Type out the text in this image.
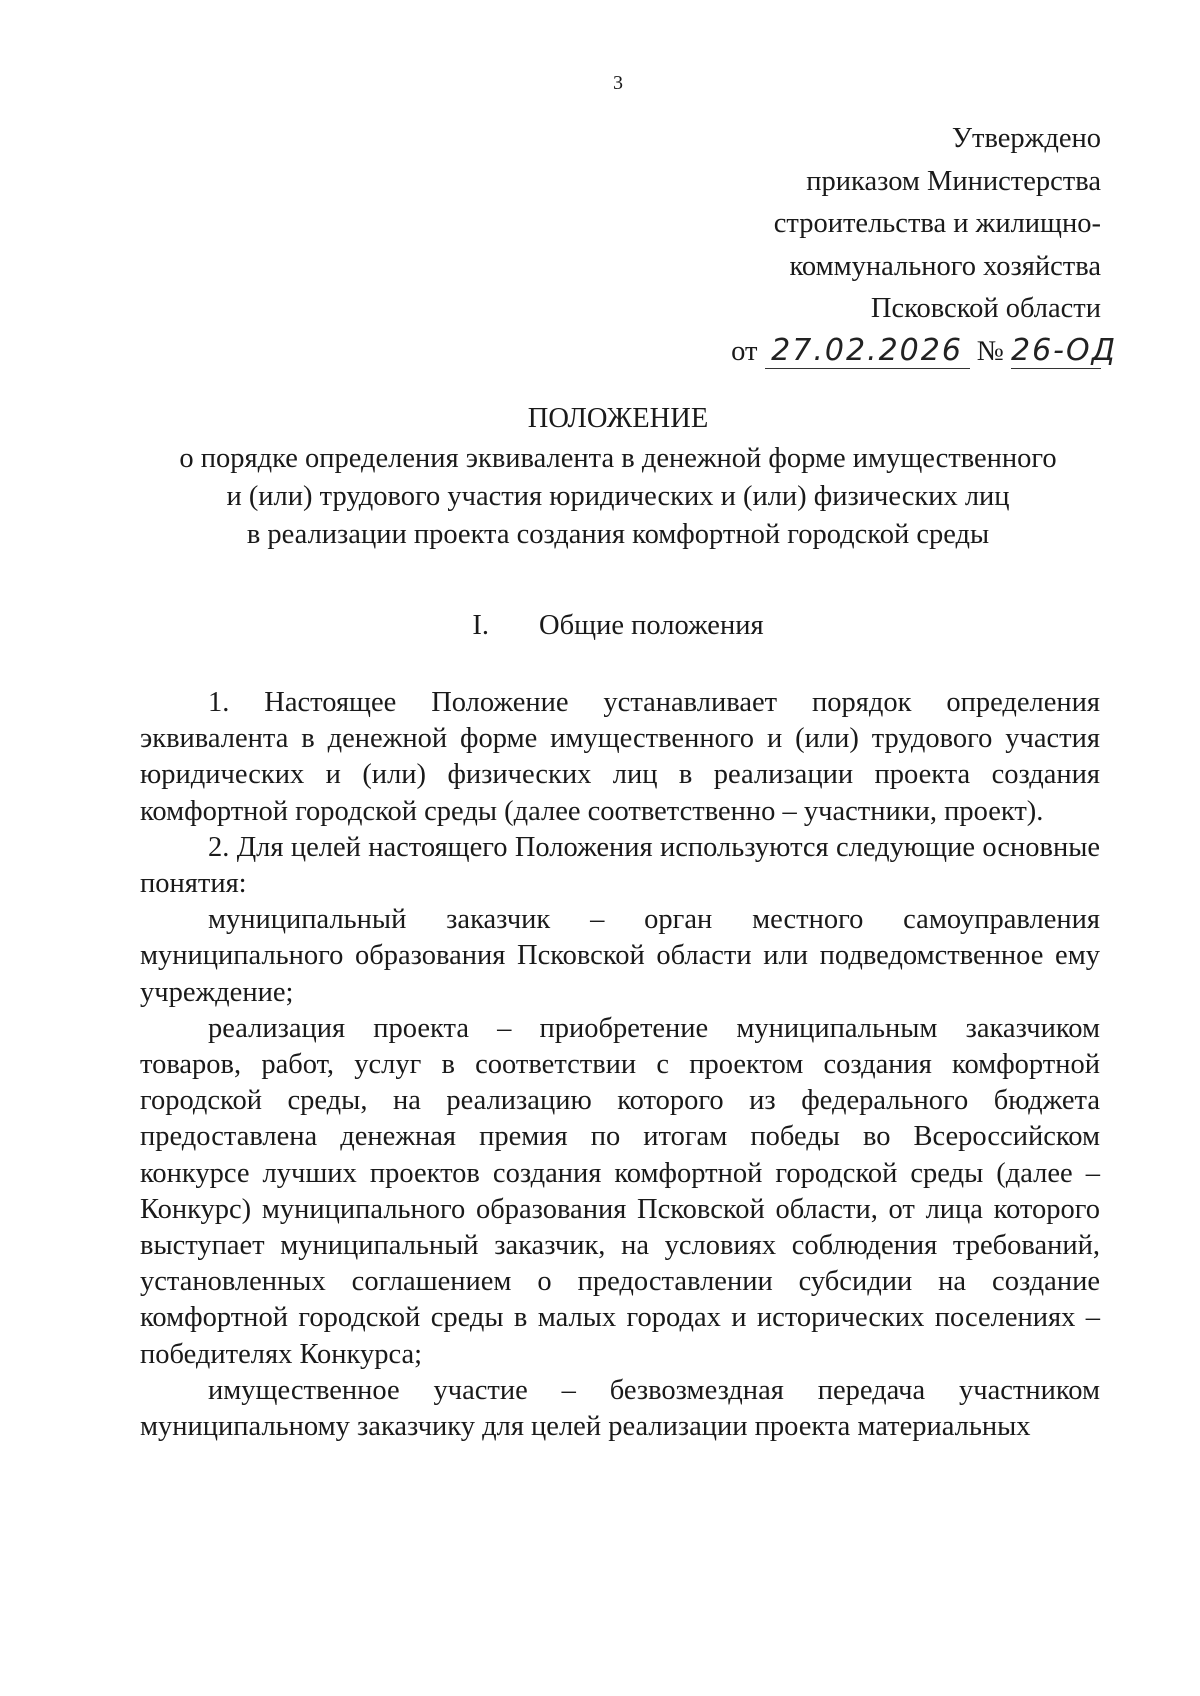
3
Утверждено
приказом Министерства
строительства и жилищно-
коммунального хозяйства
Псковской области
от 27.02.2026 № 26-ОД
ПОЛОЖЕНИЕ
о порядке определения эквивалента в денежной форме имущественного
и (или) трудового участия юридических и (или) физических лиц
в реализации проекта создания комфортной городской среды
I. Общие положения

1. Настоящее Положение устанавливает порядок определения эквивалента в денежной форме имущественного и (или) трудового участия юридических и (или) физических лиц в реализации проекта создания комфортной городской среды (далее соответственно – участники, проект).

2. Для целей настоящего Положения используются следующие основные понятия:

муниципальный заказчик – орган местного самоуправления муниципального образования Псковской области или подведомственное ему учреждение;

реализация проекта – приобретение муниципальным заказчиком товаров, работ, услуг в соответствии с проектом создания комфортной городской среды, на реализацию которого из федерального бюджета предоставлена денежная премия по итогам победы во Всероссийском конкурсе лучших проектов создания комфортной городской среды (далее – Конкурс) муниципального образования Псковской области, от лица которого выступает муниципальный заказчик, на условиях соблюдения требований, установленных соглашением о предоставлении субсидии на создание комфортной городской среды в малых городах и исторических поселениях – победителях Конкурса;

имущественное участие – безвозмездная передача участником муниципальному заказчику для целей реализации проекта материальных
